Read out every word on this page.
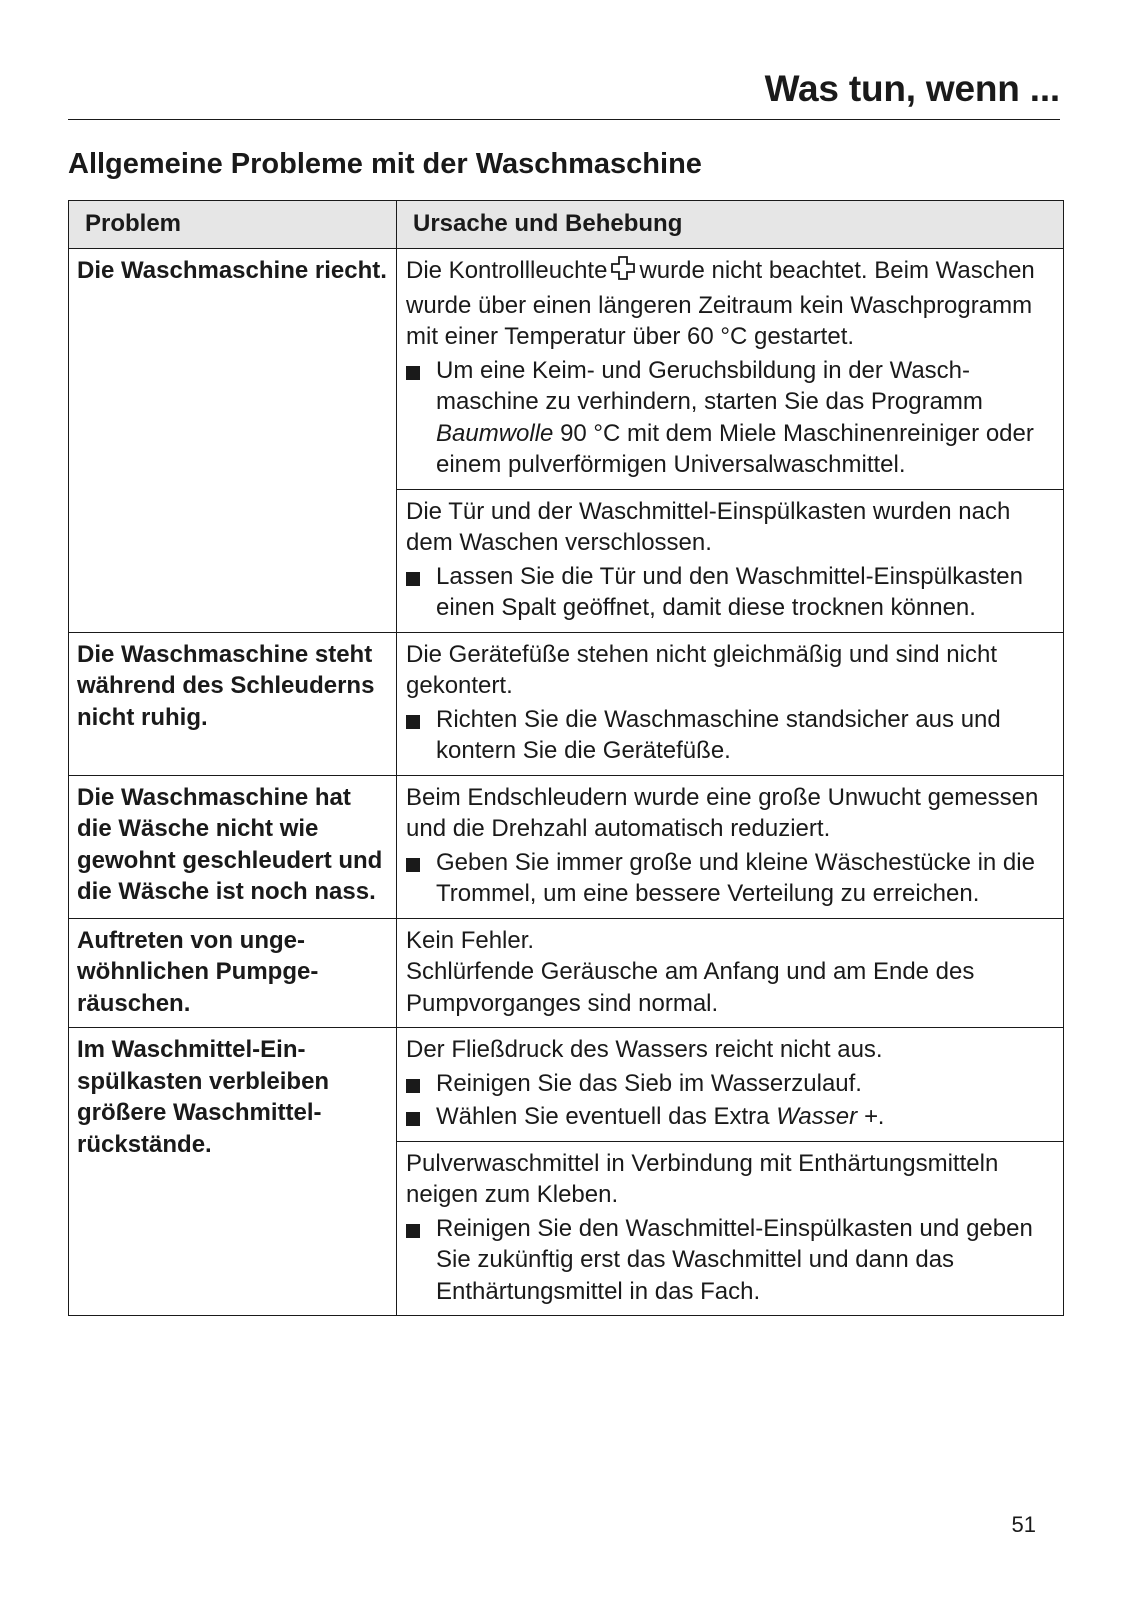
Was tun, wenn ...
Allgemeine Probleme mit der Waschmaschine
Problem	Ursache und Behebung
Die Waschmaschine riecht.	Die Kontrollleuchte wurde nicht beachtet. Beim Waschen wurde über einen längeren Zeitraum kein Waschprogramm mit einer Temperatur über 60 °C gestartet.
Um eine Keim- und Geruchsbildung in der Waschmaschine zu verhindern, starten Sie das Programm Baumwolle 90 °C mit dem Miele Maschinenreiniger oder einem pulverförmigen Universalwaschmittel.

	Die Tür und der Waschmittel-Einspülkasten wurden nach dem Waschen verschlossen.
Lassen Sie die Tür und den Waschmittel-Einspülkasten einen Spalt geöffnet, damit diese trocknen können.

Die Waschmaschine steht während des Schleuderns nicht ruhig.	Die Gerätefüße stehen nicht gleichmäßig und sind nicht gekontert.
Richten Sie die Waschmaschine standsicher aus und kontern Sie die Gerätefüße.

Die Waschmaschine hat die Wäsche nicht wie gewohnt geschleudert und die Wäsche ist noch nass.	Beim Endschleudern wurde eine große Unwucht gemessen und die Drehzahl automatisch reduziert.
Geben Sie immer große und kleine Wäschestücke in die Trommel, um eine bessere Verteilung zu erreichen.

Auftreten von ungewöhnlichen Pumpgeräuschen.	Kein Fehler.
Schlürfende Geräusche am Anfang und am Ende des Pumpvorganges sind normal.

Im Waschmittel-Einspülkasten verbleiben größere Waschmittelrückstände.	Der Fließdruck des Wassers reicht nicht aus.
Reinigen Sie das Sieb im Wasserzulauf.
Wählen Sie eventuell das Extra Wasser +.

	Pulverwaschmittel in Verbindung mit Enthärtungsmitteln neigen zum Kleben.
Reinigen Sie den Waschmittel-Einspülkasten und geben Sie zukünftig erst das Waschmittel und dann das Enthärtungsmittel in das Fach.
51
